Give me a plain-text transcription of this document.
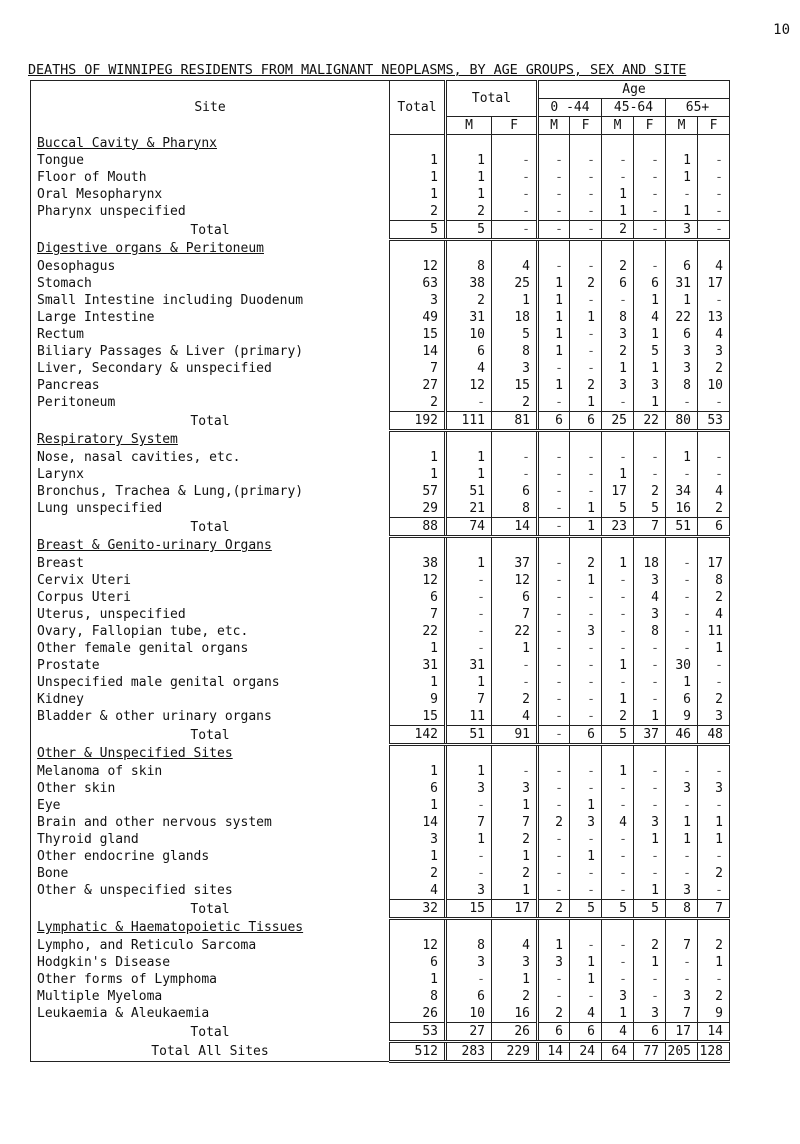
10
DEATHS OF WINNIPEG RESIDENTS FROM MALIGNANT NEOPLASMS, BY AGE GROUPS, SEX AND SITE
Site	Total	Total		Age					
				0 -44		45-64		65+	
		M	F	M	F	M	F	M	F
Buccal Cavity & Pharynx									
Tongue	1	1	-	-	-	-	-	1	-
Floor of Mouth	1	1	-	-	-	-	-	1	-
Oral Mesopharynx	1	1	-	-	-	1	-	-	-
Pharynx unspecified	2	2	-	-	-	1	-	1	-
Total	5	5	-	-	-	2	-	3	-
Digestive organs & Peritoneum									
Oesophagus	12	8	4	-	-	2	-	6	4
Stomach	63	38	25	1	2	6	6	31	17
Small Intestine including Duodenum	3	2	1	1	-	-	1	1	-
Large Intestine	49	31	18	1	1	8	4	22	13
Rectum	15	10	5	1	-	3	1	6	4
Biliary Passages & Liver (primary)	14	6	8	1	-	2	5	3	3
Liver, Secondary & unspecified	7	4	3	-	-	1	1	3	2
Pancreas	27	12	15	1	2	3	3	8	10
Peritoneum	2	-	2	-	1	-	1	-	-
Total	192	111	81	6	6	25	22	80	53
Respiratory System									
Nose, nasal cavities, etc.	1	1	-	-	-	-	-	1	-
Larynx	1	1	-	-	-	1	-	-	-
Bronchus, Trachea & Lung,(primary)	57	51	6	-	-	17	2	34	4
Lung unspecified	29	21	8	-	1	5	5	16	2
Total	88	74	14	-	1	23	7	51	6
Breast & Genito-urinary Organs									
Breast	38	1	37	-	2	1	18	-	17
Cervix Uteri	12	-	12	-	1	-	3	-	8
Corpus Uteri	6	-	6	-	-	-	4	-	2
Uterus, unspecified	7	-	7	-	-	-	3	-	4
Ovary, Fallopian tube, etc.	22	-	22	-	3	-	8	-	11
Other female genital organs	1	-	1	-	-	-	-	-	1
Prostate	31	31	-	-	-	1	-	30	-
Unspecified male genital organs	1	1	-	-	-	-	-	1	-
Kidney	9	7	2	-	-	1	-	6	2
Bladder & other urinary organs	15	11	4	-	-	2	1	9	3
Total	142	51	91	-	6	5	37	46	48
Other & Unspecified Sites									
Melanoma of skin	1	1	-	-	-	1	-	-	-
Other skin	6	3	3	-	-	-	-	3	3
Eye	1	-	1	-	1	-	-	-	-
Brain and other nervous system	14	7	7	2	3	4	3	1	1
Thyroid gland	3	1	2	-	-	-	1	1	1
Other endocrine glands	1	-	1	-	1	-	-	-	-
Bone	2	-	2	-	-	-	-	-	2
Other & unspecified sites	4	3	1	-	-	-	1	3	-
Total	32	15	17	2	5	5	5	8	7
Lymphatic & Haematopoietic Tissues									
Lympho, and Reticulo Sarcoma	12	8	4	1	-	-	2	7	2
Hodgkin's Disease	6	3	3	3	1	-	1	-	1
Other forms of Lymphoma	1	-	1	-	1	-	-	-	-
Multiple Myeloma	8	6	2	-	-	3	-	3	2
Leukaemia & Aleukaemia	26	10	16	2	4	1	3	7	9
Total	53	27	26	6	6	4	6	17	14
Total All Sites	512	283	229	14	24	64	77	205	128
